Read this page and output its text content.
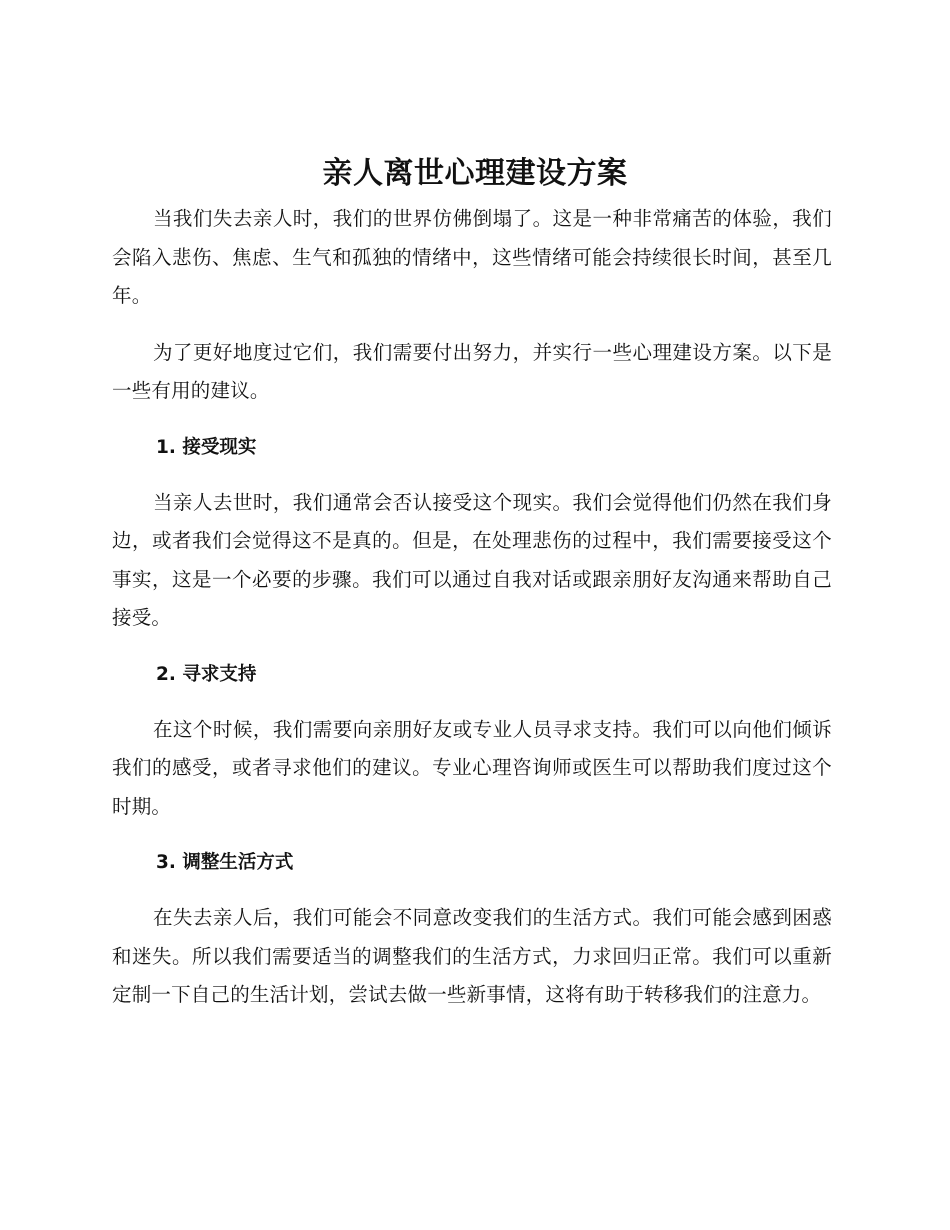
亲人离世心理建设方案

当我们失去亲人时，我们的世界仿佛倒塌了。这是一种非常痛苦的体验，我们会陷入悲伤、焦虑、生气和孤独的情绪中，这些情绪可能会持续很长时间，甚至几年。

为了更好地度过它们，我们需要付出努力，并实行一些心理建设方案。以下是一些有用的建议。

1. 接受现实

当亲人去世时，我们通常会否认接受这个现实。我们会觉得他们仍然在我们身边，或者我们会觉得这不是真的。但是，在处理悲伤的过程中，我们需要接受这个事实，这是一个必要的步骤。我们可以通过自我对话或跟亲朋好友沟通来帮助自己接受。

2. 寻求支持

在这个时候，我们需要向亲朋好友或专业人员寻求支持。我们可以向他们倾诉我们的感受，或者寻求他们的建议。专业心理咨询师或医生可以帮助我们度过这个时期。

3. 调整生活方式

在失去亲人后，我们可能会不同意改变我们的生活方式。我们可能会感到困惑和迷失。所以我们需要适当的调整我们的生活方式，力求回归正常。我们可以重新定制一下自己的生活计划，尝试去做一些新事情，这将有助于转移我们的注意力。
